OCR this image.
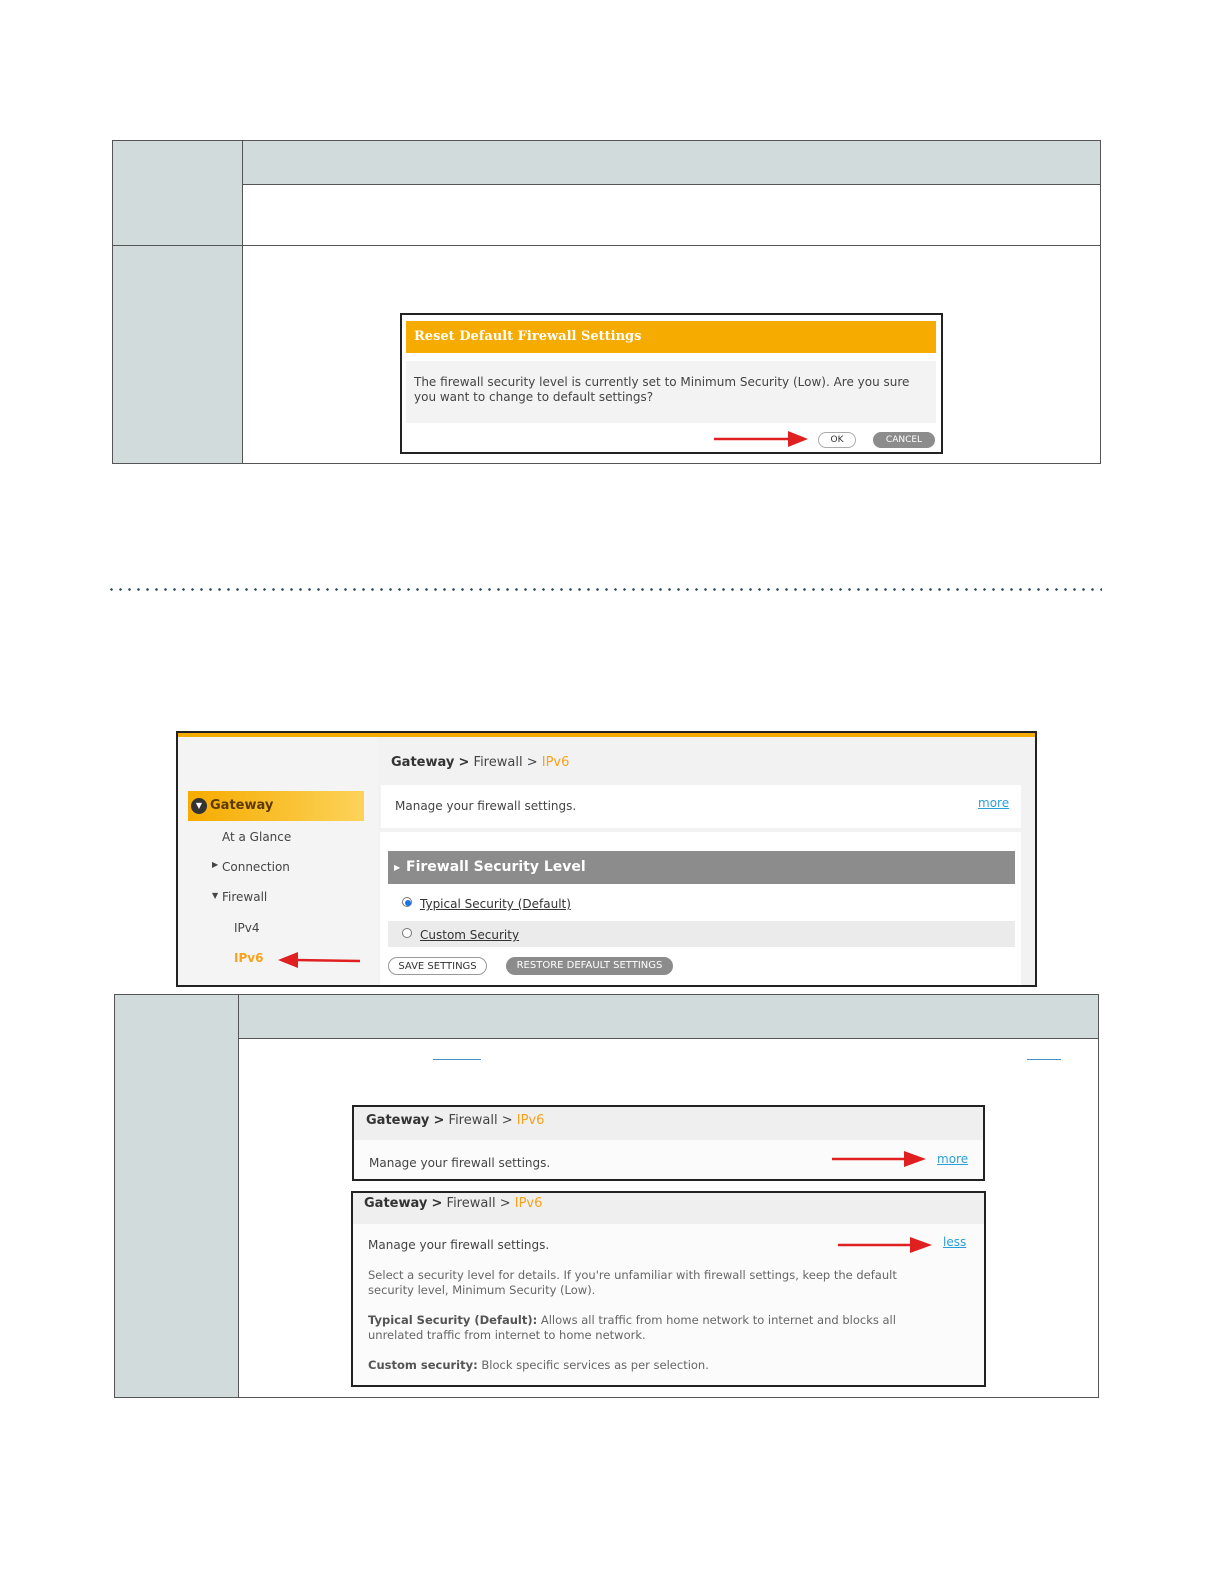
Reset Default Firewall Settings
The firewall security level is currently set to Minimum Security (Low). Are you sure you want to change to default settings?
OK	CANCEL
Gateway > Firewall > IPv6
Gateway
▼
At a Glance
▶ Connection
▼ Firewall
IPv4
IPv6
Manage your firewall settings.	more
▶ Firewall Security Level
Typical Security (Default)
Custom Security
SAVE SETTINGS	RESTORE DEFAULT SETTINGS
Gateway > Firewall > IPv6
Manage your firewall settings.	more
Gateway > Firewall > IPv6
Manage your firewall settings.	less
Select a security level for details. If you're unfamiliar with firewall settings, keep the default security level, Minimum Security (Low).
Typical Security (Default): Allows all traffic from home network to internet and blocks all unrelated traffic from internet to home network.
Custom security: Block specific services as per selection.
